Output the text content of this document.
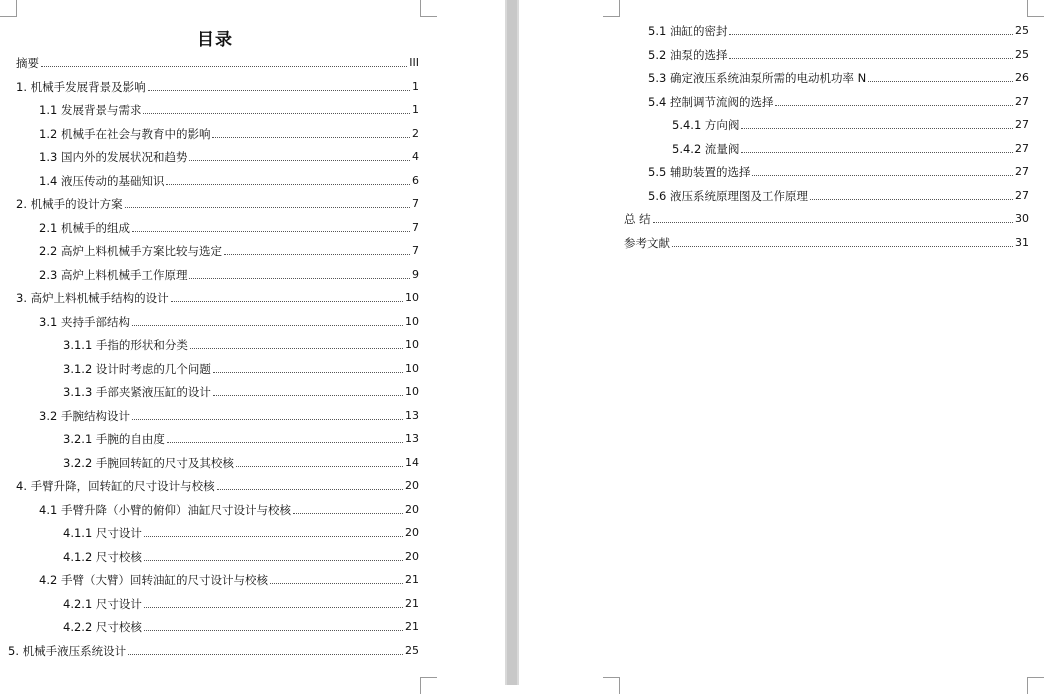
目录
摘要	III
1. 机械手发展背景及影响	1
1.1 发展背景与需求	1
1.2 机械手在社会与教育中的影响	2
1.3 国内外的发展状况和趋势	4
1.4 液压传动的基础知识	6
2. 机械手的设计方案	7
2.1 机械手的组成	7
2.2 高炉上料机械手方案比较与选定	7
2.3 高炉上料机械手工作原理	9
3. 高炉上料机械手结构的设计	10
3.1 夹持手部结构	10
3.1.1 手指的形状和分类	10
3.1.2 设计时考虑的几个问题	10
3.1.3 手部夹紧液压缸的设计	10
3.2 手腕结构设计	13
3.2.1 手腕的自由度	13
3.2.2 手腕回转缸的尺寸及其校核	14
4. 手臂升降，回转缸的尺寸设计与校核	20
4.1 手臂升降（小臂的俯仰）油缸尺寸设计与校核	20
4.1.1 尺寸设计	20
4.1.2 尺寸校核	20
4.2 手臂（大臂）回转油缸的尺寸设计与校核	21
4.2.1 尺寸设计	21
4.2.2 尺寸校核	21
5. 机械手液压系统设计	25
5.1 油缸的密封	25
5.2 油泵的选择	25
5.3 确定液压系统油泵所需的电动机功率 N	26
5.4 控制调节流阀的选择	27
5.4.1 方向阀	27
5.4.2 流量阀	27
5.5 辅助装置的选择	27
5.6 液压系统原理图及工作原理	27
总 结	30
参考文献	31
